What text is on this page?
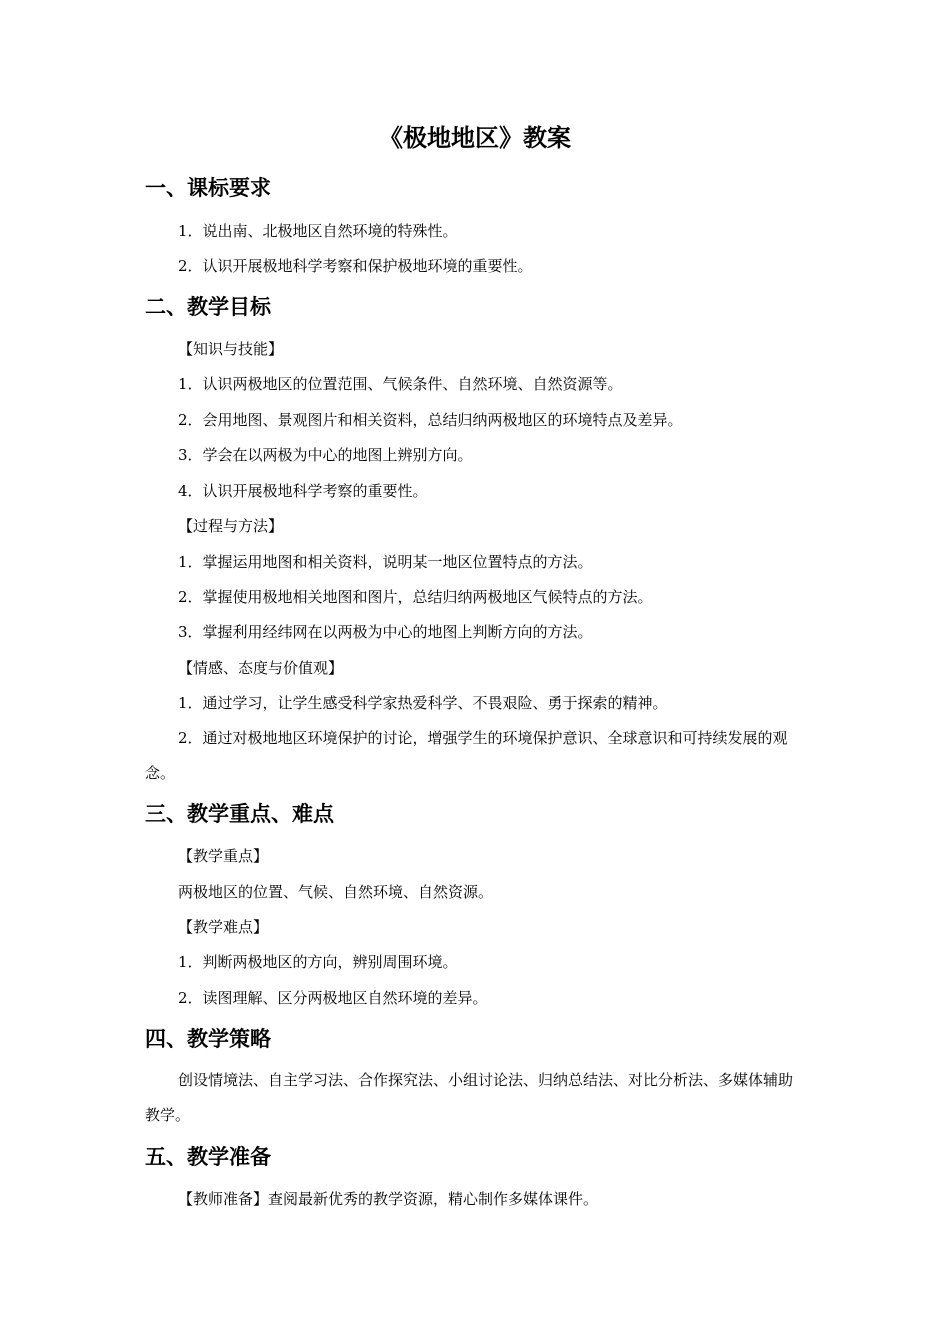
《极地地区》教案
一、课标要求

1．说出南、北极地区自然环境的特殊性。

2．认识开展极地科学考察和保护极地环境的重要性。

二、教学目标

【知识与技能】

1．认识两极地区的位置范围、气候条件、自然环境、自然资源等。

2．会用地图、景观图片和相关资料，总结归纳两极地区的环境特点及差异。

3．学会在以两极为中心的地图上辨别方向。

4．认识开展极地科学考察的重要性。

【过程与方法】

1．掌握运用地图和相关资料，说明某一地区位置特点的方法。

2．掌握使用极地相关地图和图片，总结归纳两极地区气候特点的方法。

3．掌握利用经纬网在以两极为中心的地图上判断方向的方法。

【情感、态度与价值观】

1．通过学习，让学生感受科学家热爱科学、不畏艰险、勇于探索的精神。

2．通过对极地地区环境保护的讨论，增强学生的环境保护意识、全球意识和可持续发展的观念。

三、教学重点、难点

【教学重点】

两极地区的位置、气候、自然环境、自然资源。

【教学难点】

1．判断两极地区的方向，辨别周围环境。

2．读图理解、区分两极地区自然环境的差异。

四、教学策略

创设情境法、自主学习法、合作探究法、小组讨论法、归纳总结法、对比分析法、多媒体辅助教学。

五、教学准备

【教师准备】查阅最新优秀的教学资源，精心制作多媒体课件。
